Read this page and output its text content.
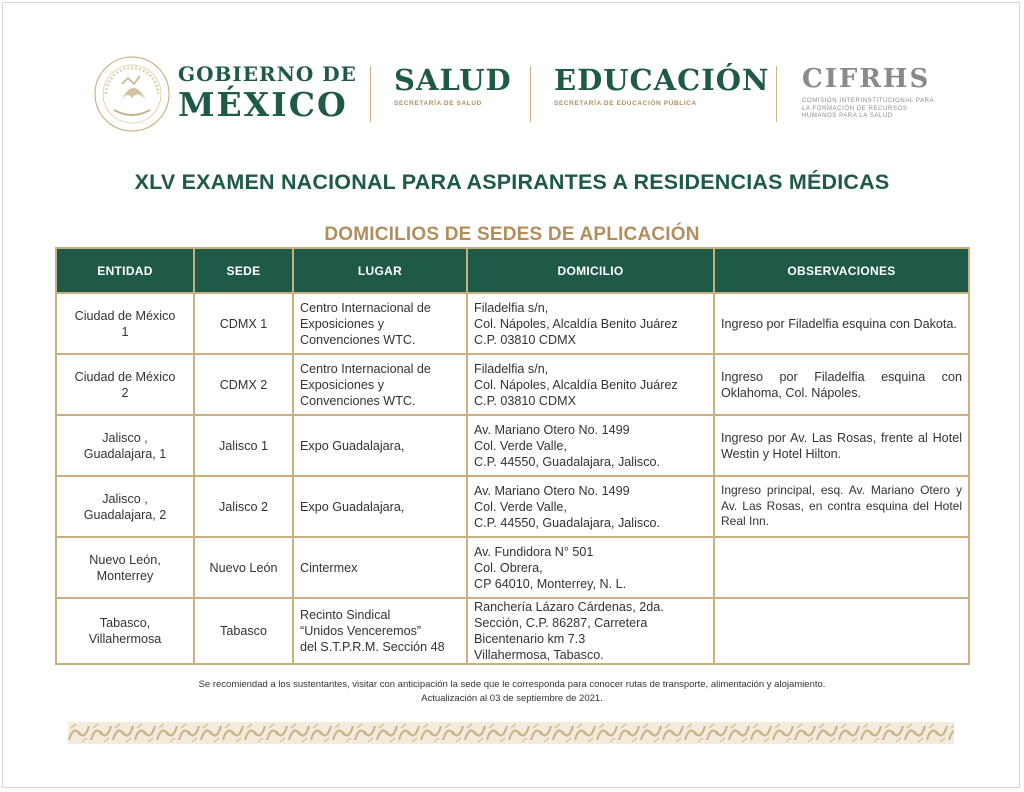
GOBIERNO DE
MÉXICO
SALUD
SECRETARÍA DE SALUD
EDUCACIÓN
SECRETARÍA DE EDUCACIÓN PÚBLICA
CIFRHS
COMISIÓN INTERINSTITUCIONAL PARA LA FORMACIÓN DE RECURSOS HUMANOS PARA LA SALUD
XLV EXAMEN NACIONAL PARA ASPIRANTES A RESIDENCIAS MÉDICAS
DOMICILIOS DE SEDES DE APLICACIÓN
ENTIDAD	SEDE	LUGAR	DOMICILIO	OBSERVACIONES

Ciudad de México
1	CDMX 1	Centro Internacional de
Exposiciones y
Convenciones WTC.	Filadelfia s/n,
Col. Nápoles, Alcaldía Benito Juárez
C.P. 03810 CDMX	Ingreso por Filadelfia esquina con Dakota.

Ciudad de México
2	CDMX 2	Centro Internacional de
Exposiciones y
Convenciones WTC.	Filadelfia s/n,
Col. Nápoles, Alcaldía Benito Juárez
C.P. 03810 CDMX	Ingreso por Filadelfia esquina con Oklahoma, Col. Nápoles.

Jalisco ,
Guadalajara, 1	Jalisco 1	Expo Guadalajara,	Av. Mariano Otero No. 1499
Col. Verde Valle,
C.P. 44550, Guadalajara, Jalisco.	Ingreso por Av. Las Rosas, frente al Hotel Westin y Hotel Hilton.

Jalisco ,
Guadalajara, 2	Jalisco 2	Expo Guadalajara,	Av. Mariano Otero No. 1499
Col. Verde Valle,
C.P. 44550, Guadalajara, Jalisco.	Ingreso principal, esq. Av. Mariano Otero y Av. Las Rosas, en contra esquina del Hotel Real Inn.

Nuevo León,
Monterrey	Nuevo León	Cintermex	Av. Fundidora N° 501
Col. Obrera,
CP 64010, Monterrey, N. L.	

Tabasco,
Villahermosa	Tabasco	Recinto Sindical
“Unidos Venceremos”
del S.T.P.R.M. Sección 48	Ranchería Lázaro Cárdenas, 2da.
Sección, C.P. 86287, Carretera
Bicentenario km 7.3
Villahermosa, Tabasco.	

Se recomiendad a los sustentantes, visitar con anticipación la sede que le corresponda para conocer rutas de transporte, alimentación y alojamiento.
Actualización al 03 de septiembre de 2021.
